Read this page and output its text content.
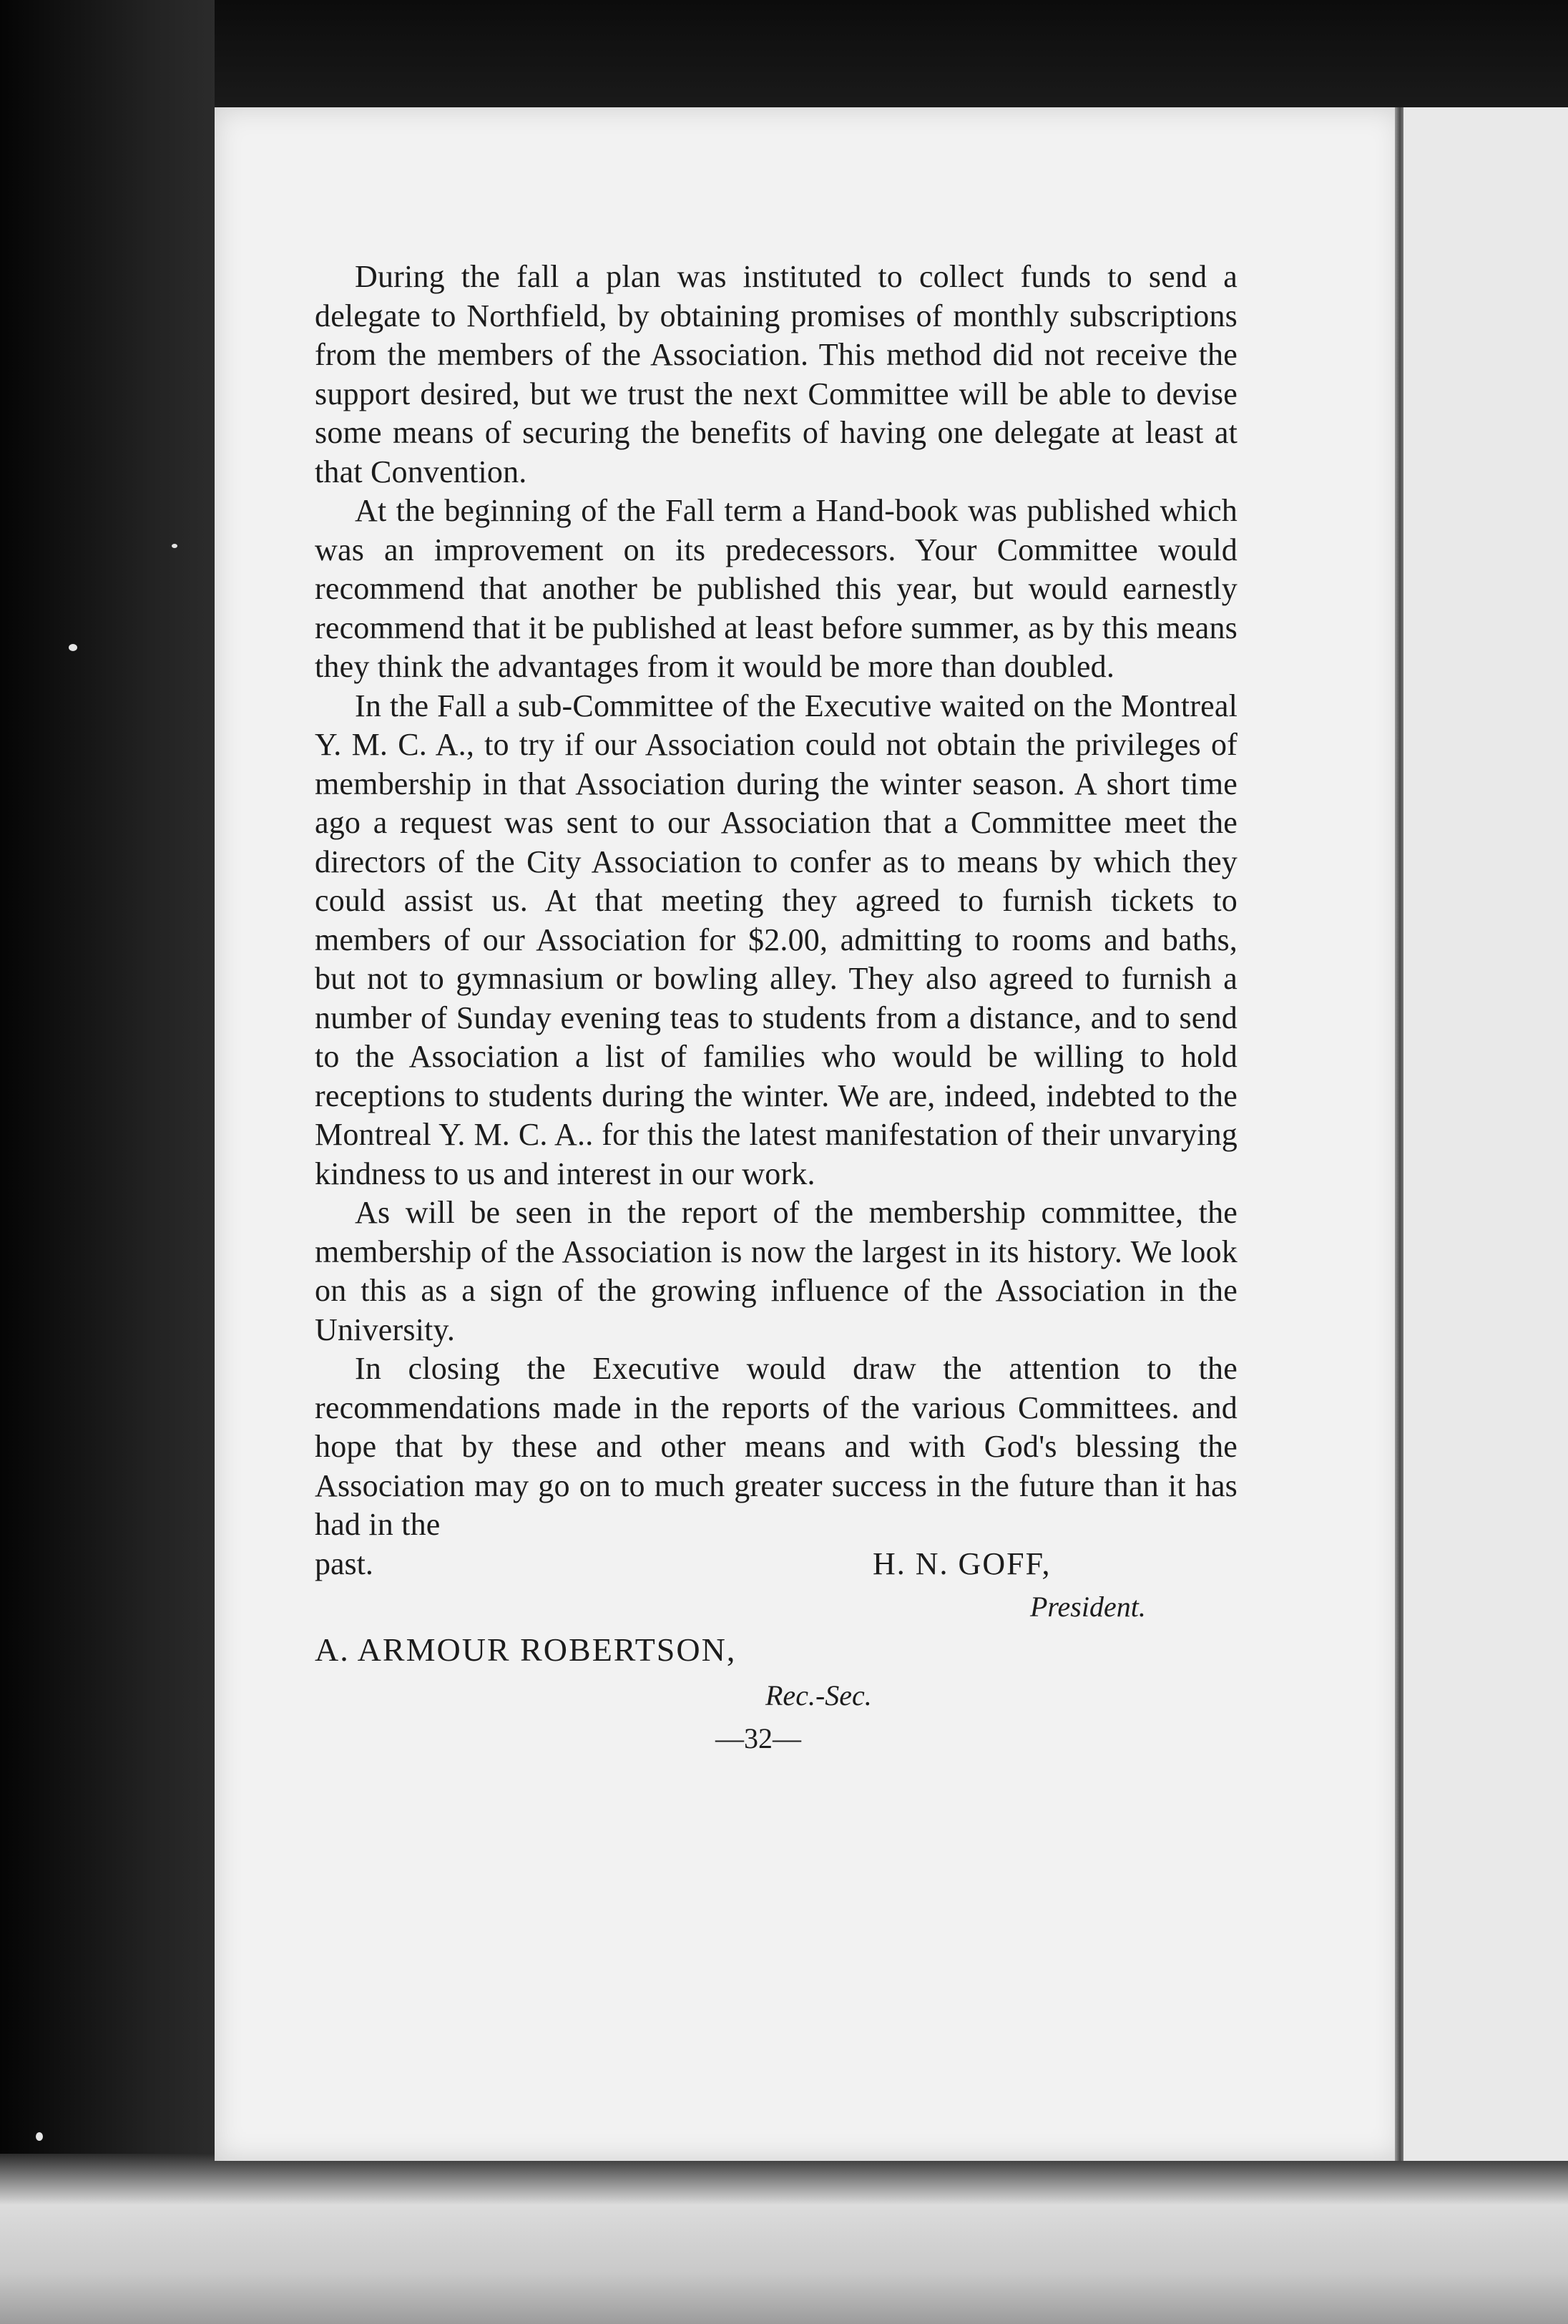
During the fall a plan was instituted to collect funds to send a delegate to Northfield, by obtaining promises of monthly subscriptions from the members of the Association. This method did not receive the support desired, but we trust the next Committee will be able to devise some means of securing the benefits of having one delegate at least at that Convention.

At the beginning of the Fall term a Hand-book was published which was an improvement on its predecessors. Your Committee would recommend that another be published this year, but would earnestly recommend that it be published at least before summer, as by this means they think the advantages from it would be more than doubled.

In the Fall a sub-Committee of the Executive waited on the Montreal Y. M. C. A., to try if our Association could not obtain the privileges of membership in that Association during the winter season. A short time ago a request was sent to our Association that a Committee meet the directors of the City Association to confer as to means by which they could assist us. At that meeting they agreed to furnish tickets to members of our Association for $2.00, admitting to rooms and baths, but not to gymnasium or bowling alley. They also agreed to furnish a number of Sunday evening teas to students from a distance, and to send to the Association a list of families who would be willing to hold receptions to students during the winter. We are, indeed, indebted to the Montreal Y. M. C. A.. for this the latest manifestation of their unvarying kindness to us and interest in our work.

As will be seen in the report of the membership committee, the membership of the Association is now the largest in its history. We look on this as a sign of the growing influence of the Association in the University.

In closing the Executive would draw the attention to the recommendations made in the reports of the various Committees. and hope that by these and other means and with God's blessing the Association may go on to much greater success in the future than it has had in the

past.	H. N. GOFF,
President.
A. ARMOUR ROBERTSON,
Rec.-Sec.
—32—
